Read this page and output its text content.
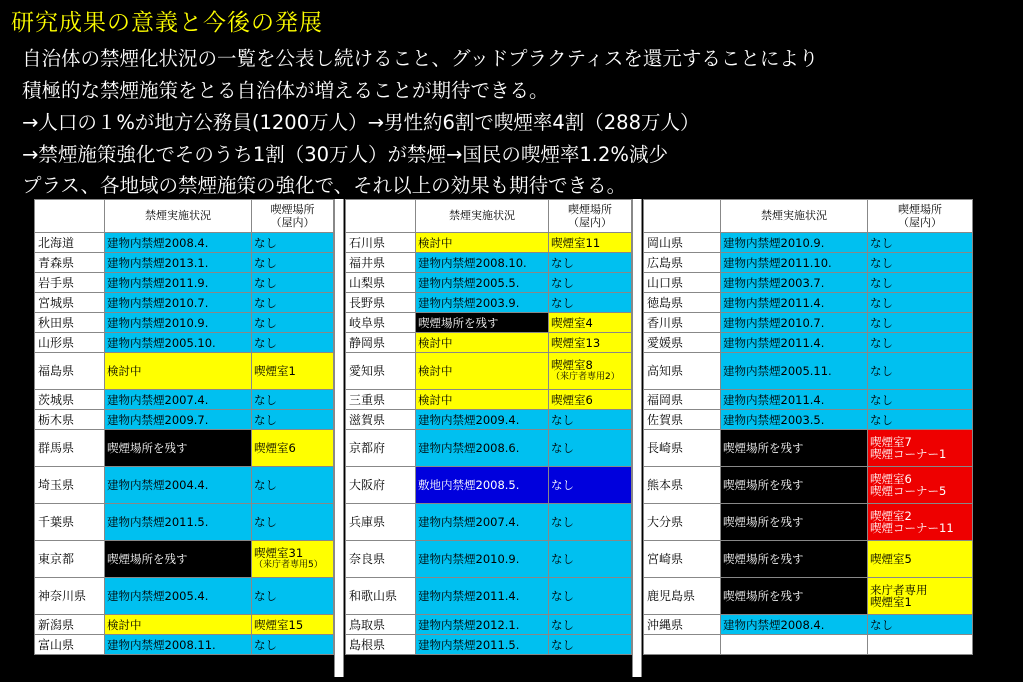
研究成果の意義と今後の発展
自治体の禁煙化状況の一覧を公表し続けること、グッドプラクティスを還元することにより
積極的な禁煙施策をとる自治体が増えることが期待できる。
→人口の１%が地方公務員(1200万人）→男性約6割で喫煙率4割（288万人）
→禁煙施策強化でそのうち1割（30万人）が禁煙→国民の喫煙率1.2%減少
プラス、各地域の禁煙施策の強化で、それ以上の効果も期待できる。
	禁煙実施状況	喫煙場所
（屋内）
北海道	建物内禁煙2008.4.	なし

青森県	建物内禁煙2013.1.	なし

岩手県	建物内禁煙2011.9.	なし

宮城県	建物内禁煙2010.7.	なし

秋田県	建物内禁煙2010.9.	なし

山形県	建物内禁煙2005.10.	なし

福島県	検討中	喫煙室1

茨城県	建物内禁煙2007.4.	なし

栃木県	建物内禁煙2009.7.	なし

群馬県	喫煙場所を残す	喫煙室6

埼玉県	建物内禁煙2004.4.	なし

千葉県	建物内禁煙2011.5.	なし

東京都	喫煙場所を残す	喫煙室31
（来庁者専用5）

神奈川県	建物内禁煙2005.4.	なし

新潟県	検討中	喫煙室15

富山県	建物内禁煙2008.11.	なし
	禁煙実施状況	喫煙場所
（屋内）
石川県	検討中	喫煙室11

福井県	建物内禁煙2008.10.	なし

山梨県	建物内禁煙2005.5.	なし

長野県	建物内禁煙2003.9.	なし

岐阜県	喫煙場所を残す	喫煙室4

静岡県	検討中	喫煙室13

愛知県	検討中	喫煙室8
（来庁者専用2）

三重県	検討中	喫煙室6

滋賀県	建物内禁煙2009.4.	なし

京都府	建物内禁煙2008.6.	なし

大阪府	敷地内禁煙2008.5.	なし

兵庫県	建物内禁煙2007.4.	なし

奈良県	建物内禁煙2010.9.	なし

和歌山県	建物内禁煙2011.4.	なし

鳥取県	建物内禁煙2012.1.	なし

島根県	建物内禁煙2011.5.	なし
	禁煙実施状況	喫煙場所
（屋内）
岡山県	建物内禁煙2010.9.	なし

広島県	建物内禁煙2011.10.	なし

山口県	建物内禁煙2003.7.	なし

徳島県	建物内禁煙2011.4.	なし

香川県	建物内禁煙2010.7.	なし

愛媛県	建物内禁煙2011.4.	なし

高知県	建物内禁煙2005.11.	なし

福岡県	建物内禁煙2011.4.	なし

佐賀県	建物内禁煙2003.5.	なし

長崎県	喫煙場所を残す	喫煙室7
喫煙コーナー1

熊本県	喫煙場所を残す	喫煙室6
喫煙コーナー5

大分県	喫煙場所を残す	喫煙室2
喫煙コーナー11

宮崎県	喫煙場所を残す	喫煙室5

鹿児島県	喫煙場所を残す	来庁者専用
喫煙室1

沖縄県	建物内禁煙2008.4.	なし
